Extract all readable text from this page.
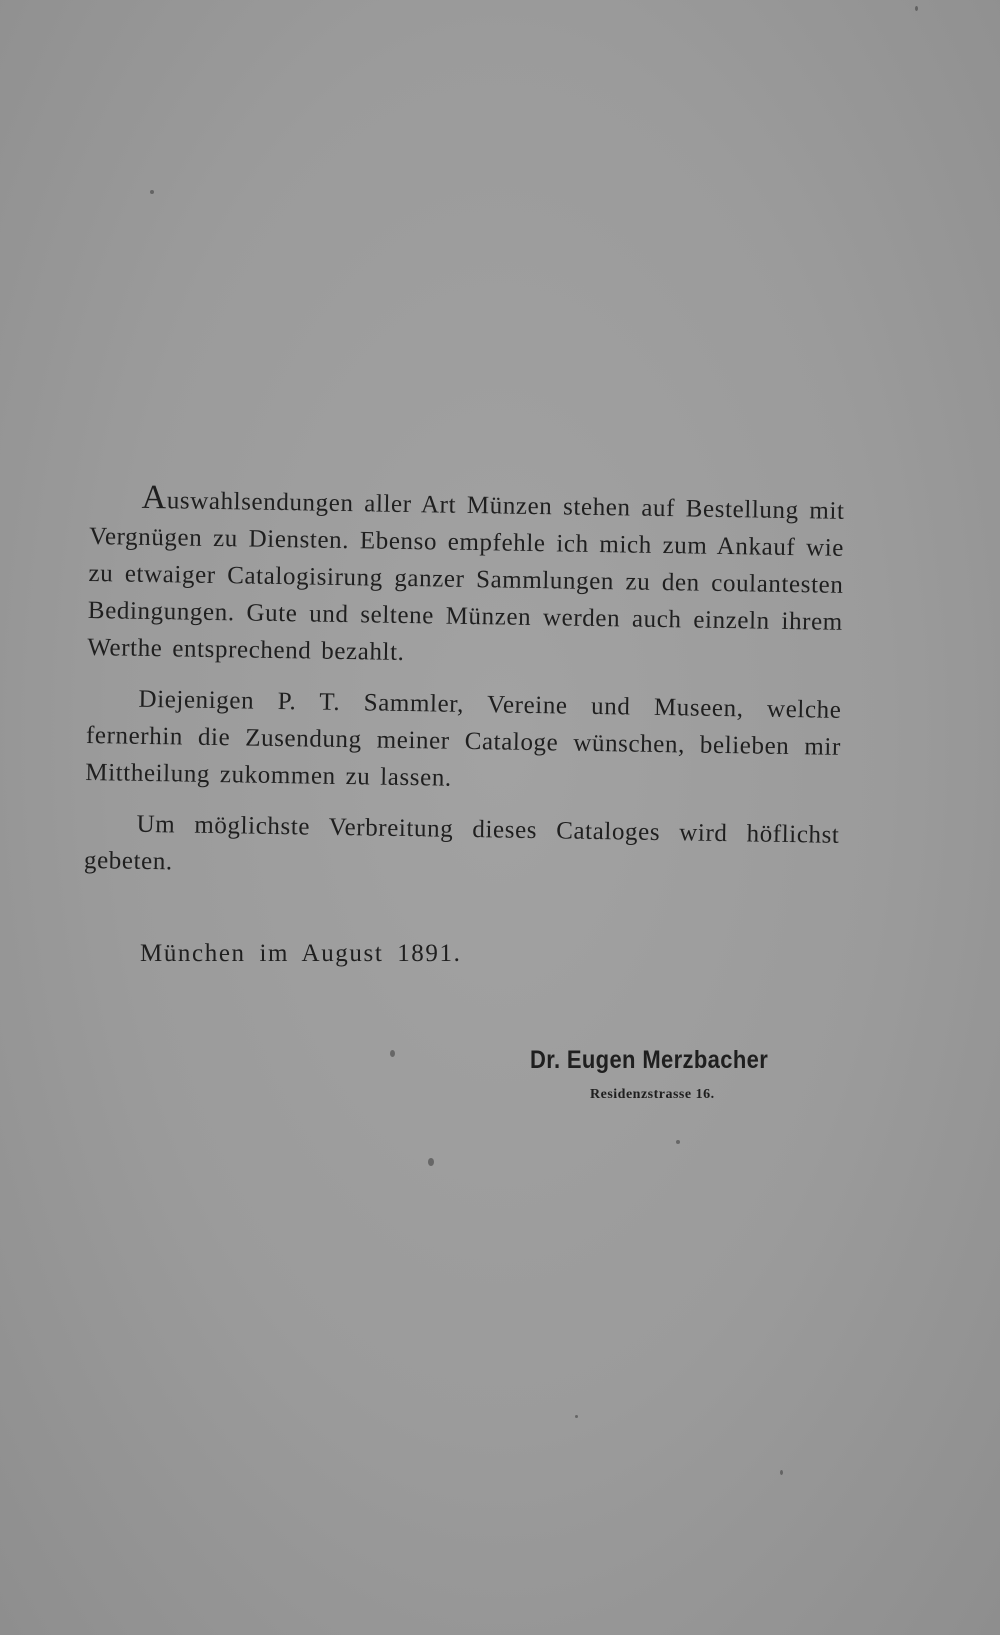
Auswahlsendungen aller Art Münzen stehen auf Bestellung mit Vergnügen zu Diensten. Ebenso empfehle ich mich zum Ankauf wie zu etwaiger Catalogisirung ganzer Sammlungen zu den coulantesten Bedingungen. Gute und seltene Münzen werden auch einzeln ihrem Werthe entsprechend bezahlt.

Diejenigen P. T. Sammler, Vereine und Museen, welche fernerhin die Zusendung meiner Cataloge wünschen, belieben mir Mittheilung zukommen zu lassen.

Um möglichste Verbreitung dieses Cataloges wird höflichst gebeten.

München im August 1891.
Dr. Eugen Merzbacher
Residenzstrasse 16.
